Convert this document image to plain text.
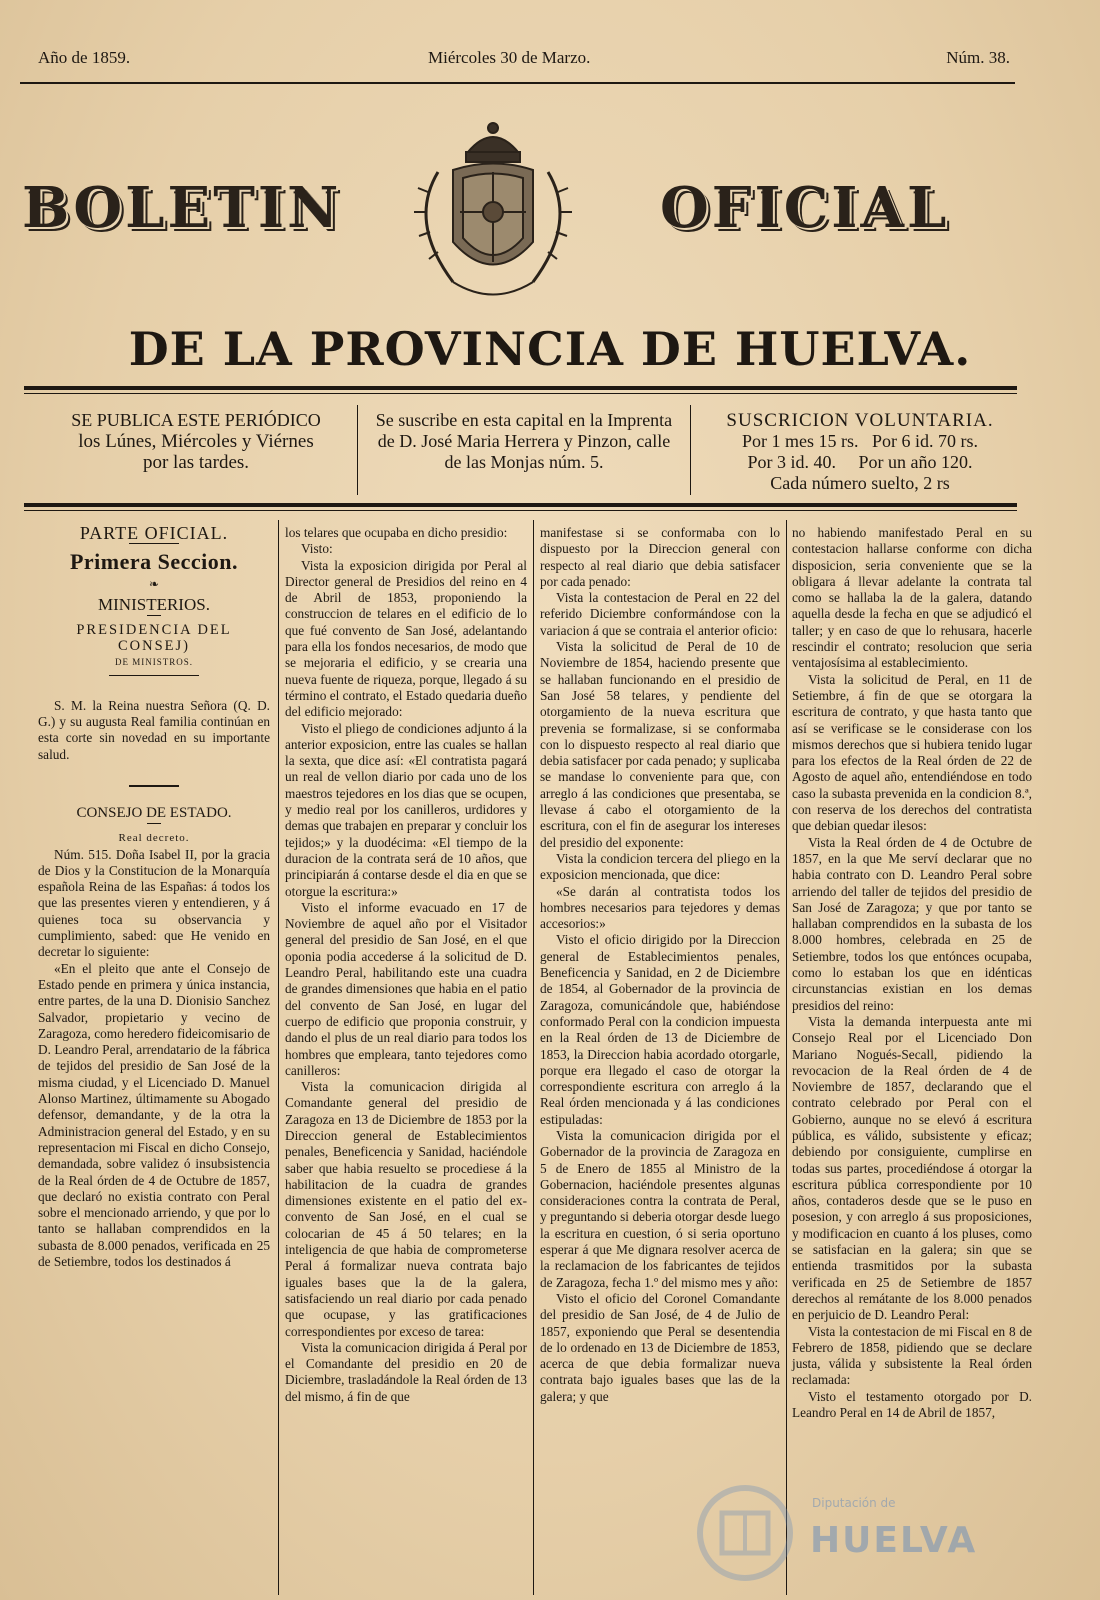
Año de 1859.	Miércoles 30 de Marzo.	Núm. 38.
BOLETIN	OFICIAL
DE LA PROVINCIA DE HUELVA.
SE PUBLICA ESTE PERIÓDICO
los Lúnes, Miércoles y Viérnes
por las tardes.
Se suscribe en esta capital en la Imprenta
de D. José Maria Herrera y Pinzon, calle
de las Monjas núm. 5.
SUSCRICION VOLUNTARIA.
Por 1 mes 15 rs.   Por 6 id. 70 rs.
Por 3 id. 40.     Por un año 120.
Cada número suelto, 2 rs

PARTE OFICIAL.

Primera Seccion.

❧

MINISTERIOS.

PRESIDENCIA DEL CONSEJ)

DE MINISTROS.

S. M. la Reina nuestra Señora (Q. D. G.) y su augusta Real familia continúan en esta corte sin novedad en su importante salud.

CONSEJO DE ESTADO.

Real decreto.

Núm. 515. Doña Isabel II, por la gracia de Dios y la Constitucion de la Monarquía española Reina de las Españas: á todos los que las presentes vieren y entendieren, y á quienes toca su observancia y cumplimiento, sabed: que He venido en decretar lo siguiente:

«En el pleito que ante el Consejo de Estado pende en primera y única instancia, entre partes, de la una D. Dionisio Sanchez Salvador, propietario y vecino de Zaragoza, como heredero fideicomisario de D. Leandro Peral, arrendatario de la fábrica de tejidos del presidio de San José de la misma ciudad, y el Licenciado D. Manuel Alonso Martinez, últimamente su Abogado defensor, demandante, y de la otra la Administracion general del Estado, y en su representacion mi Fiscal en dicho Consejo, demandada, sobre validez ó insubsistencia de la Real órden de 4 de Octubre de 1857, que declaró no existia contrato con Peral sobre el mencionado arriendo, y que por lo tanto se hallaban comprendidos en la subasta de 8.000 penados, verificada en 25 de Setiembre, todos los destinados á

los telares que ocupaba en dicho presidio:

Visto:

Vista la exposicion dirigida por Peral al Director general de Presidios del reino en 4 de Abril de 1853, proponiendo la construccion de telares en el edificio de lo que fué convento de San José, adelantando para ella los fondos necesarios, de modo que se mejoraria el edificio, y se crearia una nueva fuente de riqueza, porque, llegado á su término el contrato, el Estado quedaria dueño del edificio mejorado:

Visto el pliego de condiciones adjunto á la anterior exposicion, entre las cuales se hallan la sexta, que dice así: «El contratista pagará un real de vellon diario por cada uno de los maestros tejedores en los dias que se ocupen, y medio real por los canilleros, urdidores y demas que trabajen en preparar y concluir los tejidos;» y la duodécima: «El tiempo de la duracion de la contrata será de 10 años, que principiarán á contarse desde el dia en que se otorgue la escritura:»

Visto el informe evacuado en 17 de Noviembre de aquel año por el Visitador general del presidio de San José, en el que oponia podia accederse á la solicitud de D. Leandro Peral, habilitando este una cuadra de grandes dimensiones que habia en el patio del convento de San José, en lugar del cuerpo de edificio que proponia construir, y dando el plus de un real diario para todos los hombres que empleara, tanto tejedores como canilleros:

Vista la comunicacion dirigida al Comandante general del presidio de Zaragoza en 13 de Diciembre de 1853 por la Direccion general de Establecimientos penales, Beneficencia y Sanidad, haciéndole saber que habia resuelto se procediese á la habilitacion de la cuadra de grandes dimensiones existente en el patio del ex-convento de San José, en el cual se colocarian de 45 á 50 telares; en la inteligencia de que habia de comprometerse Peral á formalizar nueva contrata bajo iguales bases que la de la galera, satisfaciendo un real diario por cada penado que ocupase, y las gratificaciones correspondientes por exceso de tarea:

Vista la comunicacion dirigida á Peral por el Comandante del presidio en 20 de Diciembre, trasladándole la Real órden de 13 del mismo, á fin de que

manifestase si se conformaba con lo dispuesto por la Direccion general con respecto al real diario que debia satisfacer por cada penado:

Vista la contestacion de Peral en 22 del referido Diciembre conformándose con la variacion á que se contraia el anterior oficio:

Vista la solicitud de Peral de 10 de Noviembre de 1854, haciendo presente que se hallaban funcionando en el presidio de San José 58 telares, y pendiente del otorgamiento de la nueva escritura que prevenia se formalizase, si se conformaba con lo dispuesto respecto al real diario que debia satisfacer por cada penado; y suplicaba se mandase lo conveniente para que, con arreglo á las condiciones que presentaba, se llevase á cabo el otorgamiento de la escritura, con el fin de asegurar los intereses del presidio del exponente:

Vista la condicion tercera del pliego en la exposicion mencionada, que dice:

«Se darán al contratista todos los hombres necesarios para tejedores y demas accesorios:»

Visto el oficio dirigido por la Direccion general de Establecimientos penales, Beneficencia y Sanidad, en 2 de Diciembre de 1854, al Gobernador de la provincia de Zaragoza, comunicándole que, habiéndose conformado Peral con la condicion impuesta en la Real órden de 13 de Diciembre de 1853, la Direccion habia acordado otorgarle, porque era llegado el caso de otorgar la correspondiente escritura con arreglo á la Real órden mencionada y á las condiciones estipuladas:

Vista la comunicacion dirigida por el Gobernador de la provincia de Zaragoza en 5 de Enero de 1855 al Ministro de la Gobernacion, haciéndole presentes algunas consideraciones contra la contrata de Peral, y preguntando si deberia otorgar desde luego la escritura en cuestion, ó si seria oportuno esperar á que Me dignara resolver acerca de la reclamacion de los fabricantes de tejidos de Zaragoza, fecha 1.º del mismo mes y año:

Visto el oficio del Coronel Comandante del presidio de San José, de 4 de Julio de 1857, exponiendo que Peral se desentendia de lo ordenado en 13 de Diciembre de 1853, acerca de que debia formalizar nueva contrata bajo iguales bases que las de la galera; y que

no habiendo manifestado Peral en su contestacion hallarse conforme con dicha disposicion, seria conveniente que se la obligara á llevar adelante la contrata tal como se hallaba la de la galera, datando aquella desde la fecha en que se adjudicó el taller; y en caso de que lo rehusara, hacerle rescindir el contrato; resolucion que seria ventajosísima al establecimiento.

Vista la solicitud de Peral, en 11 de Setiembre, á fin de que se otorgara la escritura de contrato, y que hasta tanto que así se verificase se le considerase con los mismos derechos que si hubiera tenido lugar para los efectos de la Real órden de 22 de Agosto de aquel año, entendiéndose en todo caso la subasta prevenida en la condicion 8.ª, con reserva de los derechos del contratista que debian quedar ilesos:

Vista la Real órden de 4 de Octubre de 1857, en la que Me serví declarar que no habia contrato con D. Leandro Peral sobre arriendo del taller de tejidos del presidio de San José de Zaragoza; y que por tanto se hallaban comprendidos en la subasta de los 8.000 hombres, celebrada en 25 de Setiembre, todos los que entónces ocupaba, como lo estaban los que en idénticas circunstancias existian en los demas presidios del reino:

Vista la demanda interpuesta ante mi Consejo Real por el Licenciado Don Mariano Nogués-Secall, pidiendo la revocacion de la Real órden de 4 de Noviembre de 1857, declarando que el contrato celebrado por Peral con el Gobierno, aunque no se elevó á escritura pública, es válido, subsistente y eficaz; debiendo por consiguiente, cumplirse en todas sus partes, procediéndose á otorgar la escritura pública correspondiente por 10 años, contaderos desde que se le puso en posesion, y con arreglo á sus proposiciones, y modificacion en cuanto á los pluses, como se satisfacian en la galera; sin que se entienda trasmitidos por la subasta verificada en 25 de Setiembre de 1857 derechos al remátante de los 8.000 penados en perjuicio de D. Leandro Peral:

Vista la contestacion de mi Fiscal en 8 de Febrero de 1858, pidiendo que se declare justa, válida y subsistente la Real órden reclamada:

Visto el testamento otorgado por D. Leandro Peral en 14 de Abril de 1857,

Diputación de
HUELVA
